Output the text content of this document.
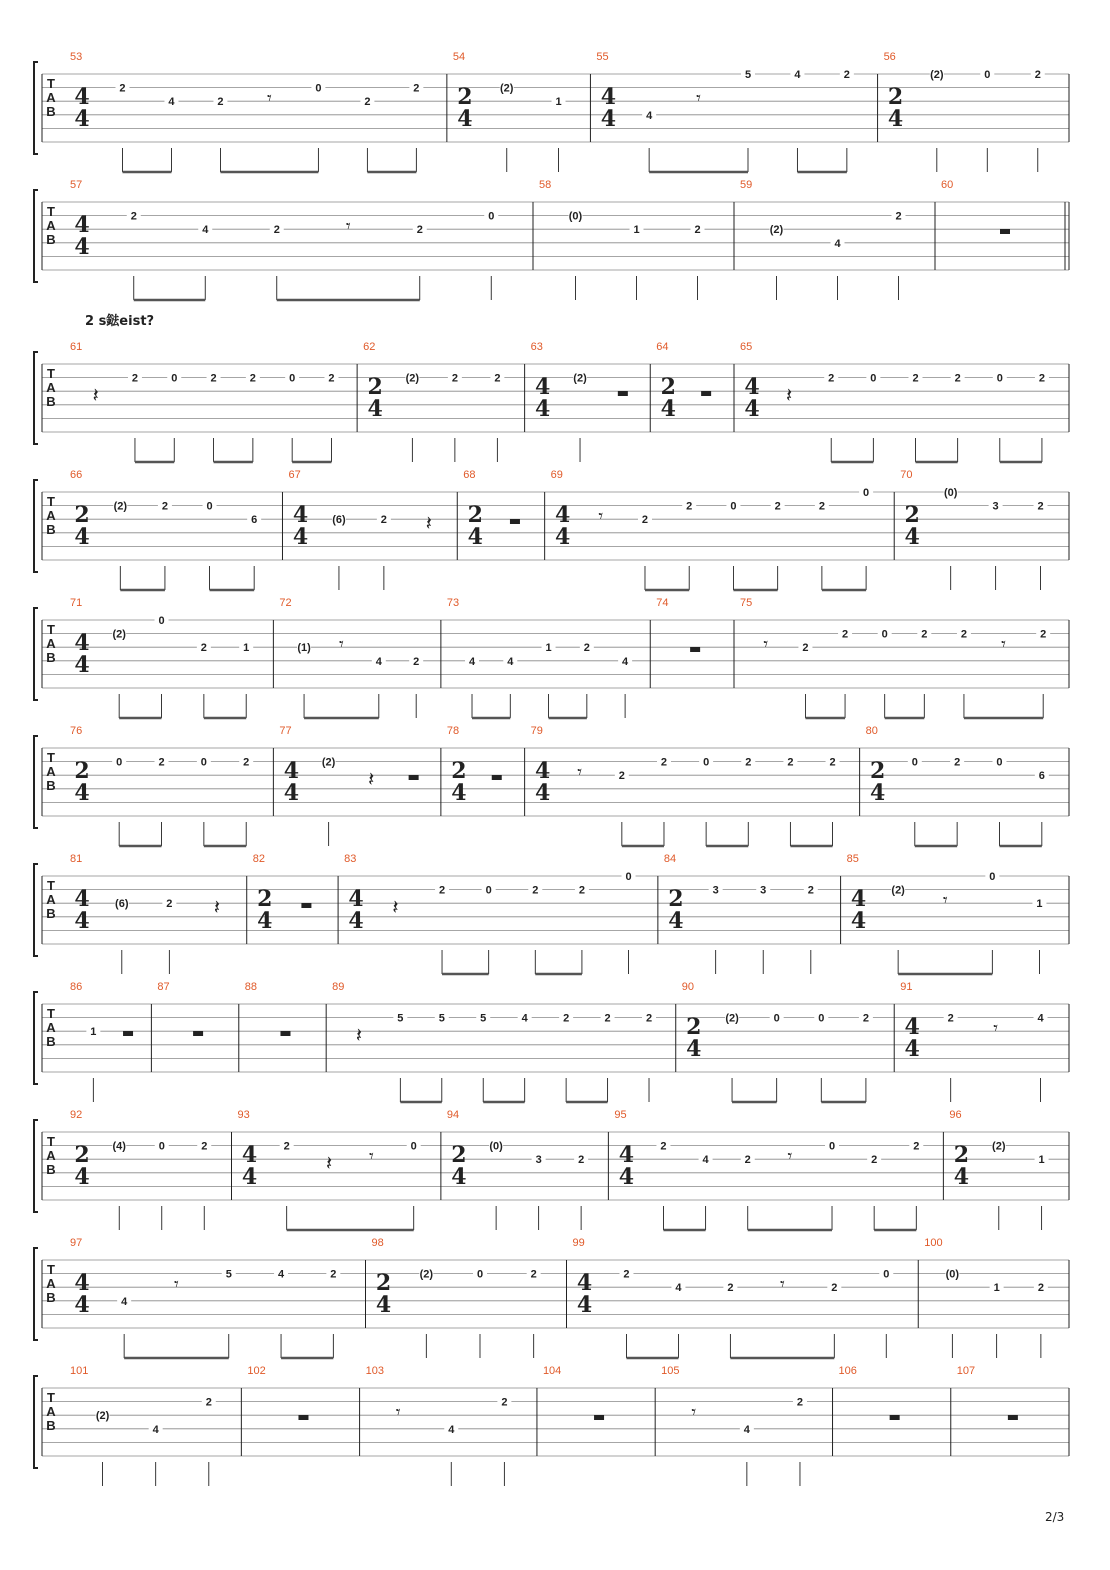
T
A
B
53
4
4
2
4	2 𝄾	0
2
2
54
2
4
(2)
1
55
4
4	4
𝄾
5	4	2
56
2
4
(2)	0	2
T
A
B
57
4
4
2
4	2	𝄾	2
0
58
(0)
1	2
59
(2)
4
2
60
T
A
B
61
𝄽
2	0	2	2	0	2
62
2
4
(2)	2	2
63
4
4
(2)
64
2
4
65
4
4
𝄽
2	0	2	2	0	2
T
A
B
66
2
4
(2)	2	0
6
67
4
4
(6)	2 𝄽
68
2
4
69
4
4
𝄾	2
2	0	2	2
0
70
2
4
(0)
3	2
T
A
B
71
4
4
(2)
0
2	1
72
(1) 𝄾
4	2
73
4	4
1	2
4
74	75
𝄾	2
2	0	2	2 𝄾	2
T
A
B
76
2
4
0	2	0	2
77
4
4
(2)
𝄽
78
2
4
79
4
4
𝄾	2
2	0	2	2	2
80
2
4
0	2	0
6
T
A
B
81
4
4
(6)	2 𝄽
82
2
4
83
4
4
𝄽
2	0	2	2
0
84
2
4
3	3	2
85
4
4
(2) 𝄾
0
1
T
A
B
86
1
87	88	89
𝄽
5	5	5	4	2	2	2
90
2
4
(2)	0	0	2
91
4
4
2 𝄾	4
T
A
B
92
2
4
(4)	0	2
93
4
4
2
𝄽 𝄾	0
94
2
4
(0)
3	2
95
4
4
2
4	2 𝄾	0
2
2
96
2
4
(2)
1
T
A
B
97
4
4	4
𝄾	5	4	2
98
2
4
(2)	0	2
99
4
4
2
4	2	𝄾	2
0
100
(0)
1	2
T
A
B
101
(2)
4
2
102	103
𝄾
4
2
104	105
𝄾
4
2
106	107
2 s鍅eist?
2/3
